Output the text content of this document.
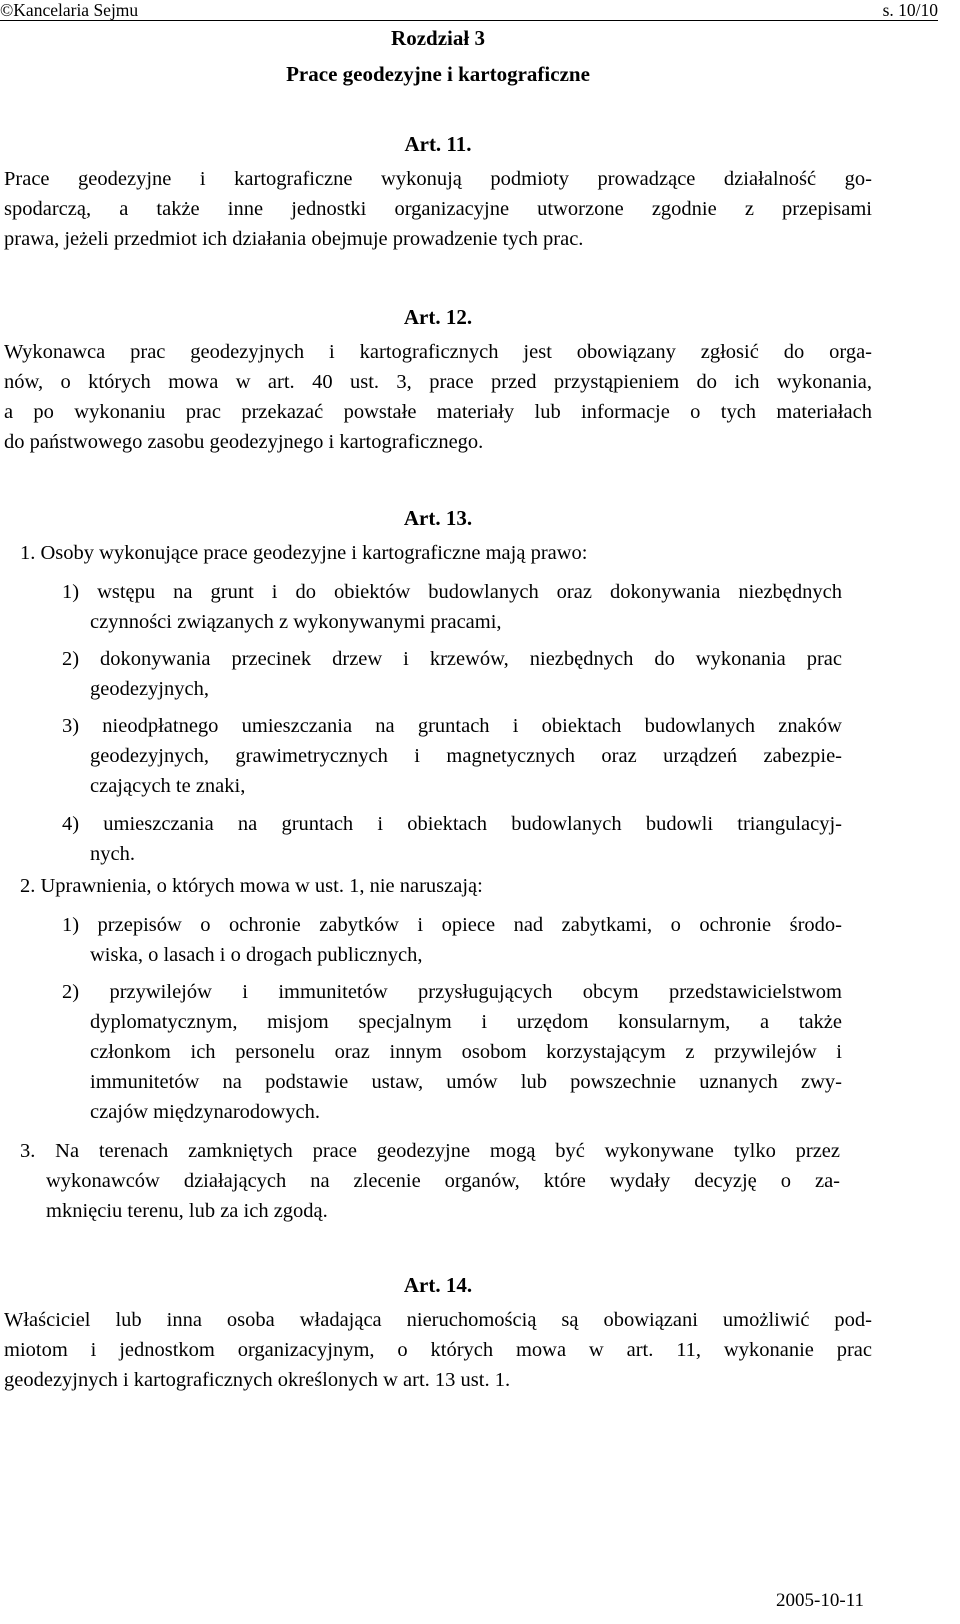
©Kancelaria Sejmu	s. 10/10
Rozdział 3
Prace geodezyjne i kartograficzne
Art. 11.
Prace geodezyjne i kartograficzne wykonują podmioty prowadzące działalność go-
spodarczą, a także inne jednostki organizacyjne utworzone zgodnie z przepisami
prawa, jeżeli przedmiot ich działania obejmuje prowadzenie tych prac.
Art. 12.
Wykonawca prac geodezyjnych i kartograficznych jest obowiązany zgłosić do orga-
nów, o których mowa w art. 40 ust. 3, prace przed przystąpieniem do ich wykonania,
a po wykonaniu prac przekazać powstałe materiały lub informacje o tych materiałach
do państwowego zasobu geodezyjnego i kartograficznego.
Art. 13.
1. Osoby wykonujące prace geodezyjne i kartograficzne mają prawo:
1) wstępu na grunt i do obiektów budowlanych oraz dokonywania niezbędnych
czynności związanych z wykonywanymi pracami,
2) dokonywania przecinek drzew i krzewów, niezbędnych do wykonania prac
geodezyjnych,
3) nieodpłatnego umieszczania na gruntach i obiektach budowlanych znaków
geodezyjnych, grawimetrycznych i magnetycznych oraz urządzeń zabezpie-
czających te znaki,
4) umieszczania na gruntach i obiektach budowlanych budowli triangulacyj-
nych.
2. Uprawnienia, o których mowa w ust. 1, nie naruszają:
1) przepisów o ochronie zabytków i opiece nad zabytkami, o ochronie środo-
wiska, o lasach i o drogach publicznych,
2) przywilejów i immunitetów przysługujących obcym przedstawicielstwom
dyplomatycznym, misjom specjalnym i urzędom konsularnym, a także
członkom ich personelu oraz innym osobom korzystającym z przywilejów i
immunitetów na podstawie ustaw, umów lub powszechnie uznanych zwy-
czajów międzynarodowych.
3. Na terenach zamkniętych prace geodezyjne mogą być wykonywane tylko przez
wykonawców działających na zlecenie organów, które wydały decyzję o za-
mknięciu terenu, lub za ich zgodą.
Art. 14.
Właściciel lub inna osoba władająca nieruchomością są obowiązani umożliwić pod-
miotom i jednostkom organizacyjnym, o których mowa w art. 11, wykonanie prac
geodezyjnych i kartograficznych określonych w art. 13 ust. 1.
2005-10-11
